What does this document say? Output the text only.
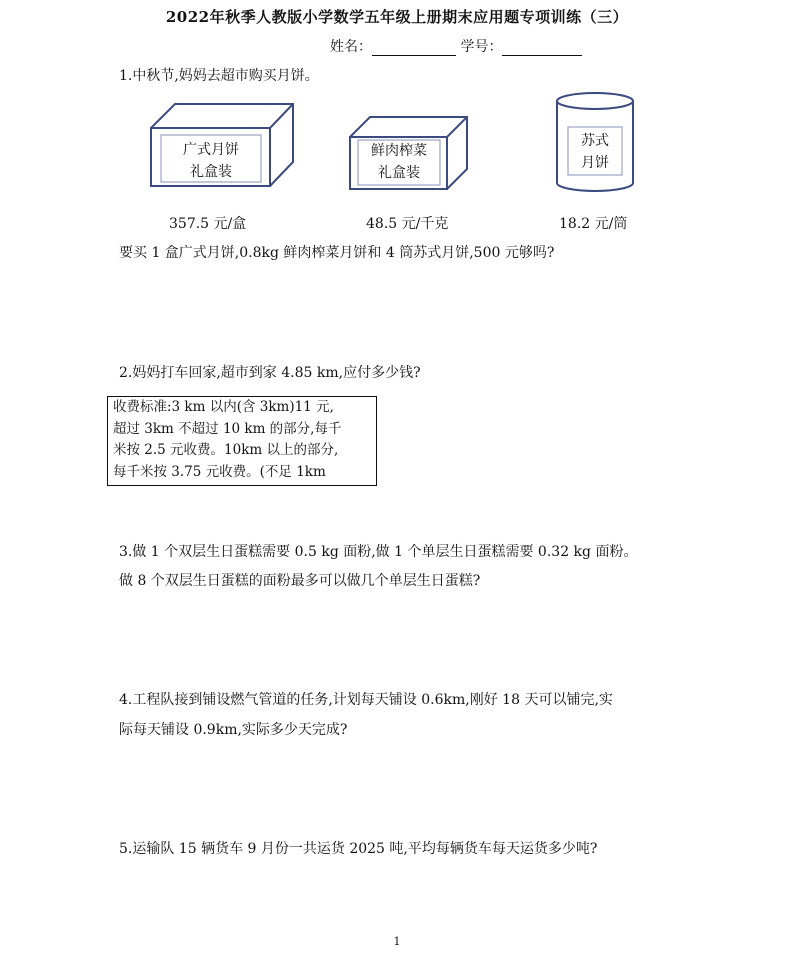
2022年秋季人教版小学数学五年级上册期末应用题专项训练（三）
姓名：	学号：
1.中秋节,妈妈去超市购买月饼。
广式月饼
礼盒装
鲜肉榨菜
礼盒装
苏式
月饼
357.5 元/盒	48.5 元/千克	18.2 元/筒
要买 1 盒广式月饼,0.8kg 鲜肉榨菜月饼和 4 筒苏式月饼,500 元够吗?
2.妈妈打车回家,超市到家 4.85 km,应付多少钱?
收费标准:3 km 以内(含 3km)11 元,
超过 3km 不超过 10 km 的部分,每千
米按 2.5 元收费。10km 以上的部分,
每千米按 3.75 元收费。(不足 1km
3.做 1 个双层生日蛋糕需要 0.5 kg 面粉,做 1 个单层生日蛋糕需要 0.32 kg 面粉。
做 8 个双层生日蛋糕的面粉最多可以做几个单层生日蛋糕?
4.工程队接到铺设燃气管道的任务,计划每天铺设 0.6km,刚好 18 天可以铺完,实
际每天铺设 0.9km,实际多少天完成?
5.运输队 15 辆货车 9 月份一共运货 2025 吨,平均每辆货车每天运货多少吨?
1
